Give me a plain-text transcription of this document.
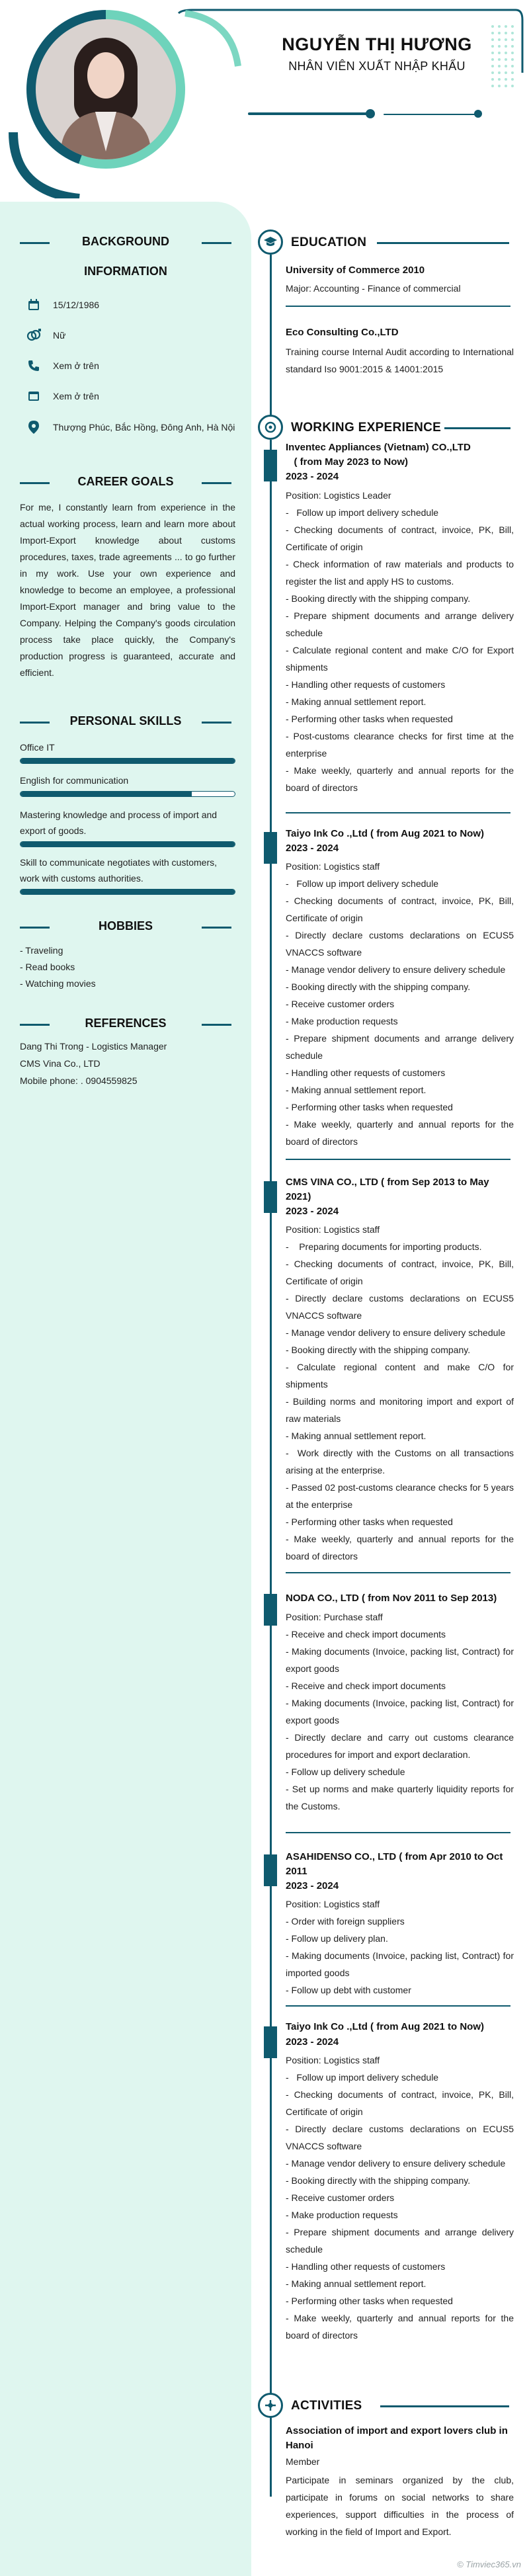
NGUYỄN THỊ HƯƠNG
NHÂN VIÊN XUẤT NHẬP KHẨU
BACKGROUND
INFORMATION
15/12/1986
Nữ
Xem ở trên
Xem ở trên
Thượng Phúc, Bắc Hồng, Đông Anh, Hà Nội
CAREER GOALS
For me, I constantly learn from experience in the actual working process, learn and learn more about Import-Export knowledge about customs procedures, taxes, trade agreements ... to go further in my work. Use your own experience and knowledge to become an employee, a professional Import-Export manager and bring value to the Company. Helping the Company's goods circulation process take place quickly, the Company's production progress is guaranteed, accurate and efficient.
PERSONAL SKILLS
Office IT
English for communication
Mastering knowledge and process of import and export of goods.
Skill to communicate negotiates with customers, work with customs authorities.
HOBBIES
- Traveling
- Read books
- Watching movies
REFERENCES
Dang Thi Trong - Logistics Manager
CMS Vina Co., LTD
Mobile phone: . 0904559825
EDUCATION
University of Commerce 2010
Major: Accounting - Finance of commercial
Eco Consulting Co.,LTD
Training course Internal Audit according to International standard Iso 9001:2015 & 14001:2015
WORKING EXPERIENCE
Inventec Appliances (Vietnam) CO.,LTD
( from May 2023 to Now)
2023 - 2024
Position: Logistics Leader
-   Follow up import delivery schedule
- Checking documents of contract, invoice, PK, Bill, Certificate of origin
- Check information of raw materials and products to register the list and apply HS to customs.
- Booking directly with the shipping company.
- Prepare shipment documents and arrange delivery schedule
- Calculate regional content and make C/O for Export shipments
- Handling other requests of customers
- Making annual settlement report.
- Performing other tasks when requested
- Post-customs clearance checks for first time at the enterprise
- Make weekly, quarterly and annual reports for the board of directors
Taiyo Ink Co .,Ltd ( from Aug 2021 to Now)
2023 - 2024
Position: Logistics staff
-   Follow up import delivery schedule
- Checking documents of contract, invoice, PK, Bill, Certificate of origin
- Directly declare customs declarations on ECUS5 VNACCS software
- Manage vendor delivery to ensure delivery schedule
- Booking directly with the shipping company.
- Receive customer orders
- Make production requests
- Prepare shipment documents and arrange delivery schedule
- Handling other requests of customers
- Making annual settlement report.
- Performing other tasks when requested
- Make weekly, quarterly and annual reports for the board of directors
CMS VINA CO., LTD ( from Sep 2013 to May 2021)
2023 - 2024
Position: Logistics staff
-    Preparing documents for importing products.
- Checking documents of contract, invoice, PK, Bill, Certificate of origin
- Directly declare customs declarations on ECUS5 VNACCS software
- Manage vendor delivery to ensure delivery schedule
- Booking directly with the shipping company.
- Calculate regional content and make C/O for shipments
- Building norms and monitoring import and export of raw materials
- Making annual settlement report.
-  Work directly with the Customs on all transactions arising at the enterprise.
- Passed 02 post-customs clearance checks for 5 years at the enterprise
- Performing other tasks when requested
- Make weekly, quarterly and annual reports for the board of directors
NODA CO., LTD ( from Nov 2011 to Sep 2013)
Position: Purchase staff
- Receive and check import documents
- Making documents (Invoice, packing list, Contract) for export goods
- Receive and check import documents
- Making documents (Invoice, packing list, Contract) for export goods
- Directly declare and carry out customs clearance procedures for import and export declaration.
- Follow up delivery schedule
- Set up norms and make quarterly liquidity reports for the Customs.
ASAHIDENSO CO., LTD ( from Apr 2010 to Oct 2011
2023 - 2024
Position: Logistics staff
- Order with foreign suppliers
- Follow up delivery plan.
- Making documents (Invoice, packing list, Contract) for imported goods
- Follow up debt with customer
Taiyo Ink Co .,Ltd ( from Aug 2021 to Now)
2023 - 2024
Position: Logistics staff
-   Follow up import delivery schedule
- Checking documents of contract, invoice, PK, Bill, Certificate of origin
- Directly declare customs declarations on ECUS5 VNACCS software
- Manage vendor delivery to ensure delivery schedule
- Booking directly with the shipping company.
- Receive customer orders
- Make production requests
- Prepare shipment documents and arrange delivery schedule
- Handling other requests of customers
- Making annual settlement report.
- Performing other tasks when requested
- Make weekly, quarterly and annual reports for the board of directors
ACTIVITIES
Association of import and export lovers club in Hanoi
Member
Participate in seminars organized by the club, participate in forums on social networks to share experiences, support difficulties in the process of working in the field of Import and Export.
© Timviec365.vn
